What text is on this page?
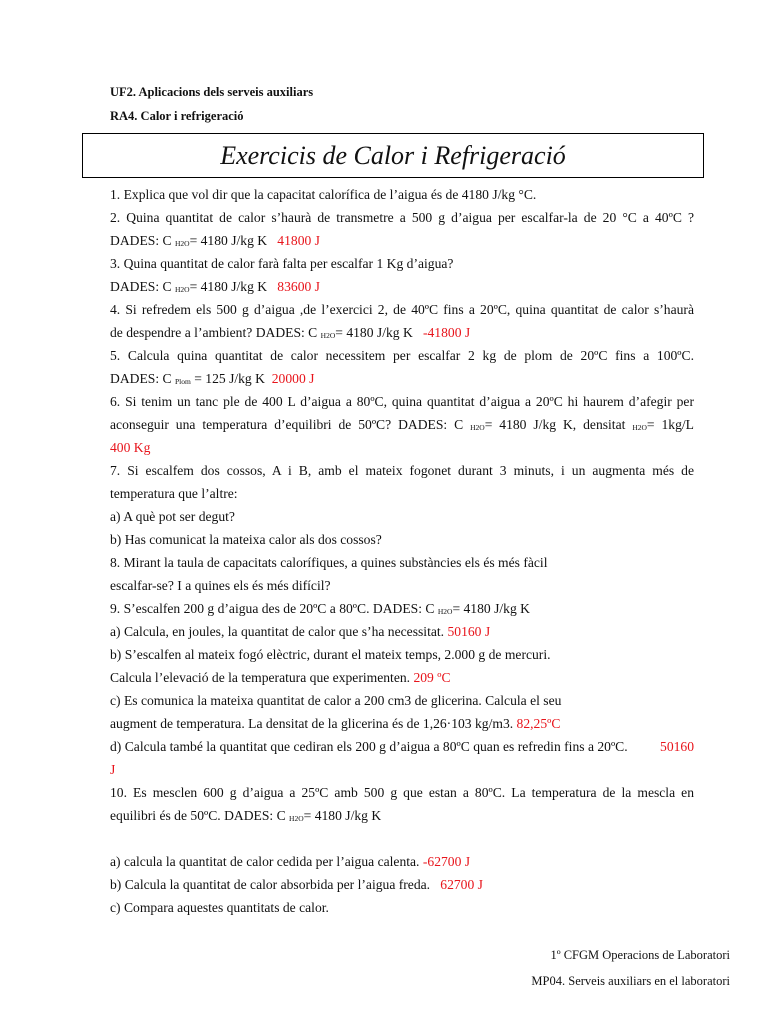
UF2. Aplicacions dels serveis auxiliars
RA4. Calor i refrigeració
Exercicis de Calor i Refrigeració
1. Explica que vol dir que la capacitat calorífica de l’aigua és de 4180 J/kg °C.
2. Quina quantitat de calor s’haurà de transmetre a 500 g d’aigua per escalfar-la de 20 °C a 40ºC ?
DADES: C $_{H2O}$= 4180 J/kg K 41800 J
3. Quina quantitat de calor farà falta per escalfar 1 Kg d’aigua?
DADES: C $_{H2O}$= 4180 J/kg K 83600 J
4. Si refredem els 500 g d’aigua ,de l’exercici 2, de 40ºC fins a 20ºC, quina quantitat de calor s’haurà
de despendre a l’ambient? DADES: C $_{H2O}$= 4180 J/kg K -41800 J
5. Calcula quina quantitat de calor necessitem per escalfar 2 kg de plom de 20ºC fins a 100ºC.
DADES: C $_{Plom}$ = 125 J/kg K 20000 J
6. Si tenim un tanc ple de 400 L d’aigua a 80ºC, quina quantitat d’aigua a 20ºC hi haurem d’afegir per
aconseguir una temperatura d’equilibri de 50ºC? DADES: C $_{H2O}$= 4180 J/kg K, densitat $_{H2O}$= 1kg/L
400 Kg
7. Si escalfem dos cossos, A i B, amb el mateix fogonet durant 3 minuts, i un augmenta més de
temperatura que l’altre:
a) A què pot ser degut?
b) Has comunicat la mateixa calor als dos cossos?
8. Mirant la taula de capacitats calorífiques, a quines substàncies els és més fàcil
escalfar-se? I a quines els és més difícil?
9. S’escalfen 200 g d’aigua des de 20ºC a 80ºC. DADES: C $_{H2O}$= 4180 J/kg K
a) Calcula, en joules, la quantitat de calor que s’ha necessitat. 50160 J
b) S’escalfen al mateix fogó elèctric, durant el mateix temps, 2.000 g de mercuri.
Calcula l’elevació de la temperatura que experimenten. 209 ºC
c) Es comunica la mateixa quantitat de calor a 200 cm3 de glicerina. Calcula el seu
augment de temperatura. La densitat de la glicerina és de 1,26·103 kg/m3. 82,25ºC
d) Calcula també la quantitat que cediran els 200 g d’aigua a 80ºC quan es refredin fins a 20ºC. 50160
J
10. Es mesclen 600 g d’aigua a 25ºC amb 500 g que estan a 80ºC. La temperatura de la mescla en
equilibri és de 50ºC. DADES: C $_{H2O}$= 4180 J/kg K
a) calcula la quantitat de calor cedida per l’aigua calenta. -62700 J
b) Calcula la quantitat de calor absorbida per l’aigua freda. 62700 J
c) Compara aquestes quantitats de calor.
1º CFGM Operacions de Laboratori
MP04. Serveis auxiliars en el laboratori
